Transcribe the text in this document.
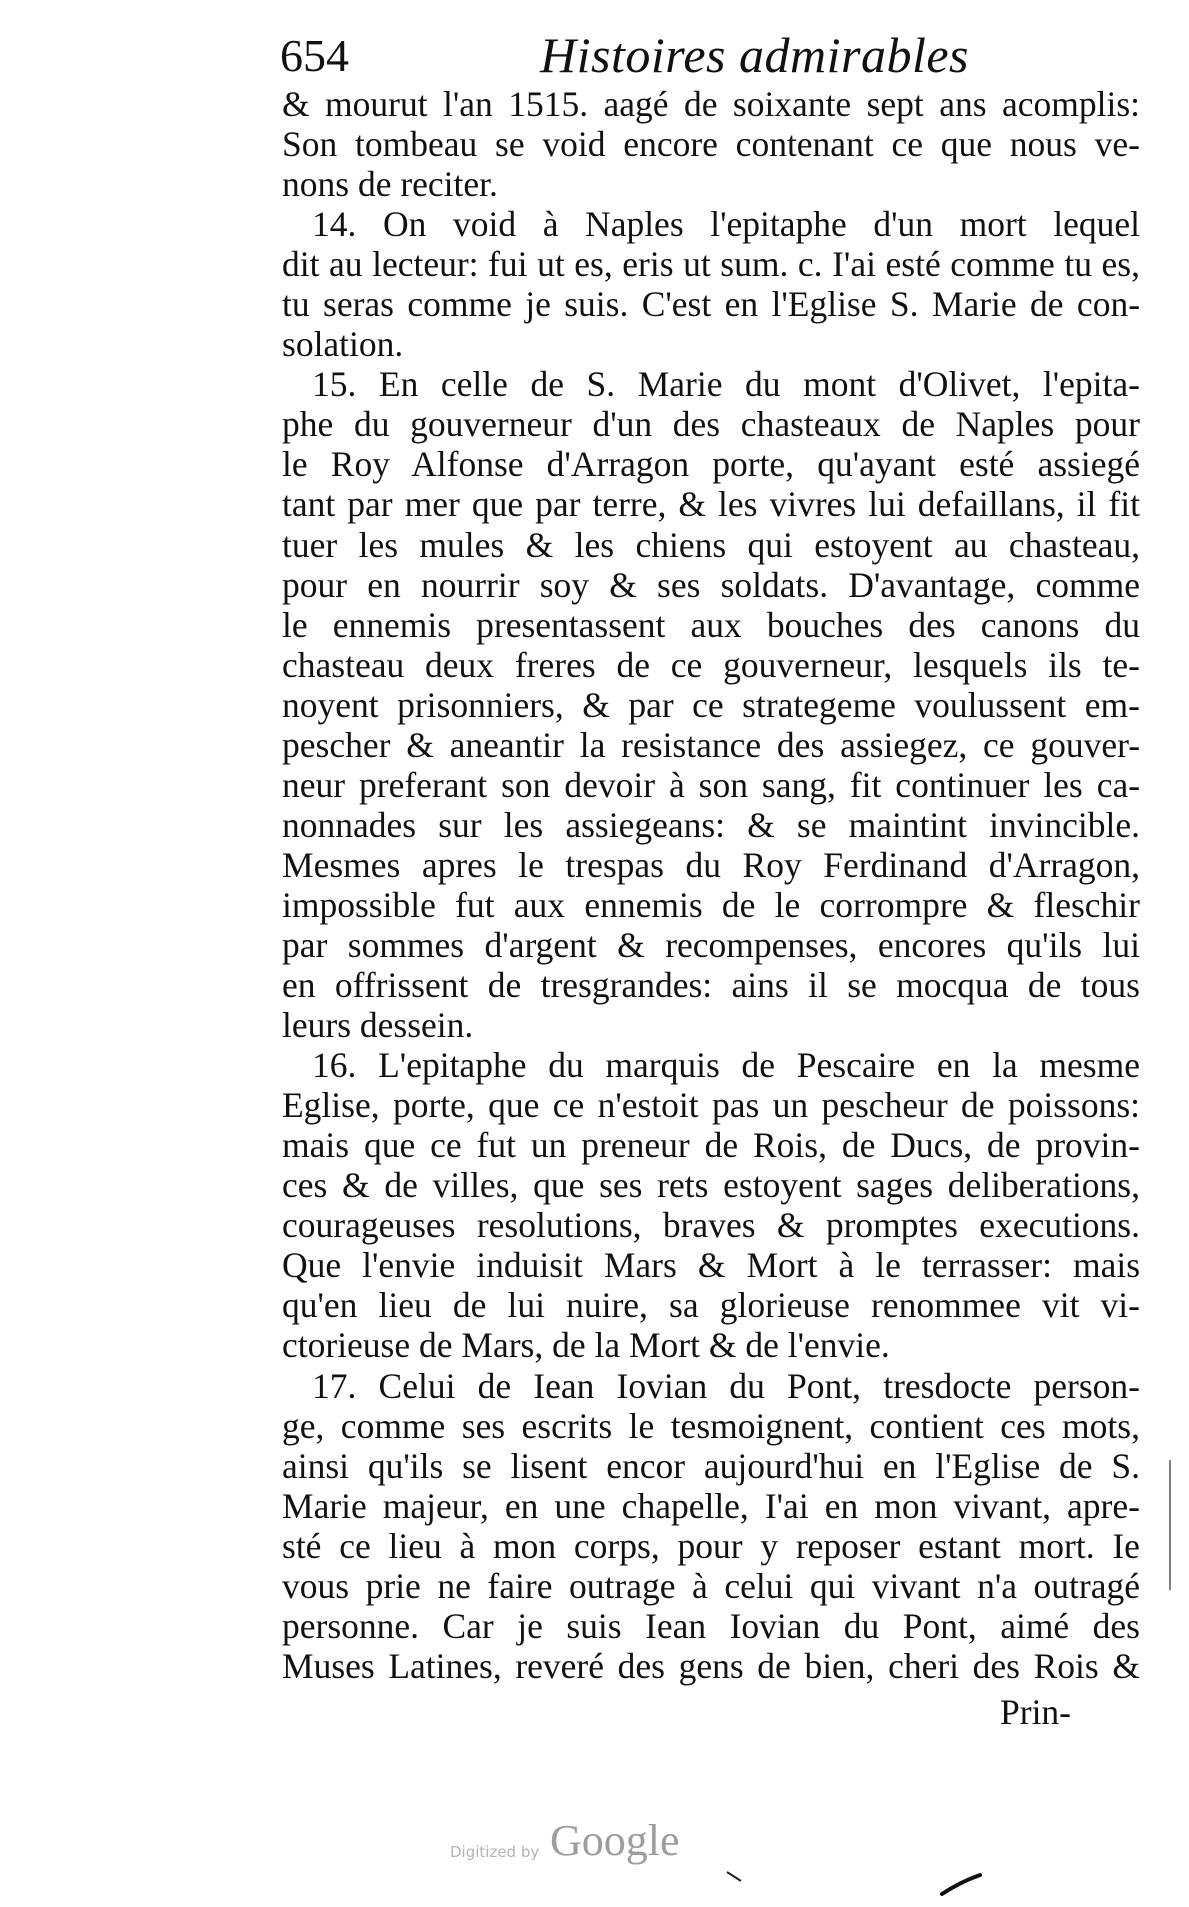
654	Histoires admirables
& mourut l'an 1515. aagé de soixante sept ans acomplis:
Son tombeau se void encore contenant ce que nous ve-
nons de reciter.
14. On void à Naples l'epitaphe d'un mort lequel
dit au lecteur: fui ut es, eris ut sum. c. I'ai esté comme tu es,
tu seras comme je suis. C'est en l'Eglise S. Marie de con-
solation.
15. En celle de S. Marie du mont d'Olivet, l'epita-
phe du gouverneur d'un des chasteaux de Naples pour
le Roy Alfonse d'Arragon porte, qu'ayant esté assiegé
tant par mer que par terre, & les vivres lui defaillans, il fit
tuer les mules & les chiens qui estoyent au chasteau,
pour en nourrir soy & ses soldats. D'avantage, comme
le ennemis presentassent aux bouches des canons du
chasteau deux freres de ce gouverneur, lesquels ils te-
noyent prisonniers, & par ce strategeme voulussent em-
pescher & aneantir la resistance des assiegez, ce gouver-
neur preferant son devoir à son sang, fit continuer les ca-
nonnades sur les assiegeans: & se maintint invincible.
Mesmes apres le trespas du Roy Ferdinand d'Arragon,
impossible fut aux ennemis de le corrompre & fleschir
par sommes d'argent & recompenses, encores qu'ils lui
en offrissent de tresgrandes: ains il se mocqua de tous
leurs dessein.
16. L'epitaphe du marquis de Pescaire en la mesme
Eglise, porte, que ce n'estoit pas un pescheur de poissons:
mais que ce fut un preneur de Rois, de Ducs, de provin-
ces & de villes, que ses rets estoyent sages deliberations,
courageuses resolutions, braves & promptes executions.
Que l'envie induisit Mars & Mort à le terrasser: mais
qu'en lieu de lui nuire, sa glorieuse renommee vit vi-
ctorieuse de Mars, de la Mort & de l'envie.
17. Celui de Iean Iovian du Pont, tresdocte person-
ge, comme ses escrits le tesmoignent, contient ces mots,
ainsi qu'ils se lisent encor aujourd'hui en l'Eglise de S.
Marie majeur, en une chapelle, I'ai en mon vivant, apre-
sté ce lieu à mon corps, pour y reposer estant mort. Ie
vous prie ne faire outrage à celui qui vivant n'a outragé
personne. Car je suis Iean Iovian du Pont, aimé des
Muses Latines, reveré des gens de bien, cheri des Rois &
Prin-
Digitized by Google
